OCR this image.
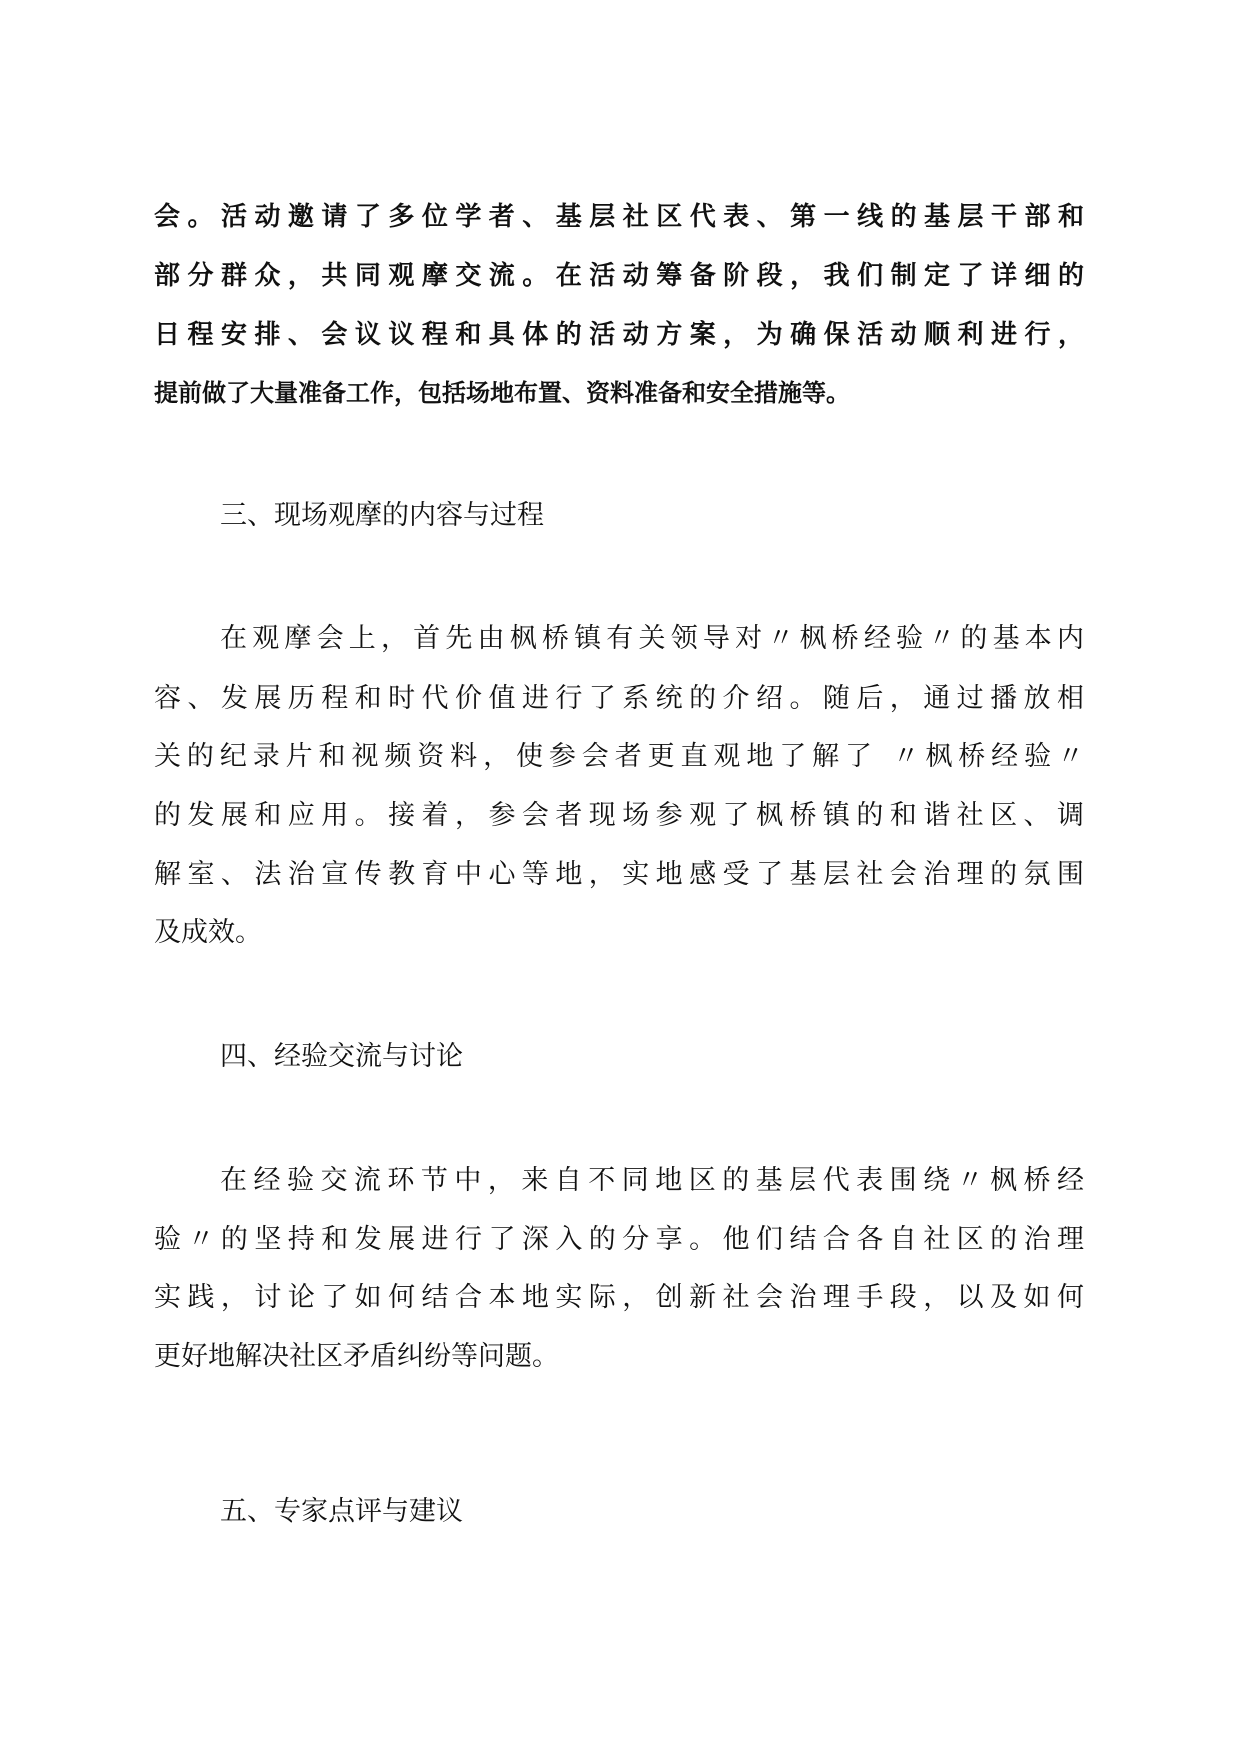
会。活动邀请了多位学者、基层社区代表、第一线的基层干部和
部分群众，共同观摩交流。在活动筹备阶段，我们制定了详细的
日程安排、会议议程和具体的活动方案，为确保活动顺利进行，
提前做了大量准备工作，包括场地布置、资料准备和安全措施等。
三、现场观摩的内容与过程
在观摩会上，首先由枫桥镇有关领导对〃枫桥经验〃的基本内
容、发展历程和时代价值进行了系统的介绍。随后，通过播放相
关的纪录片和视频资料，使参会者更直观地了解了 〃枫桥经验〃
的发展和应用。接着，参会者现场参观了枫桥镇的和谐社区、调
解室、法治宣传教育中心等地，实地感受了基层社会治理的氛围
及成效。
四、经验交流与讨论
在经验交流环节中，来自不同地区的基层代表围绕〃枫桥经
验〃的坚持和发展进行了深入的分享。他们结合各自社区的治理
实践，讨论了如何结合本地实际，创新社会治理手段，以及如何
更好地解决社区矛盾纠纷等问题。
五、专家点评与建议
